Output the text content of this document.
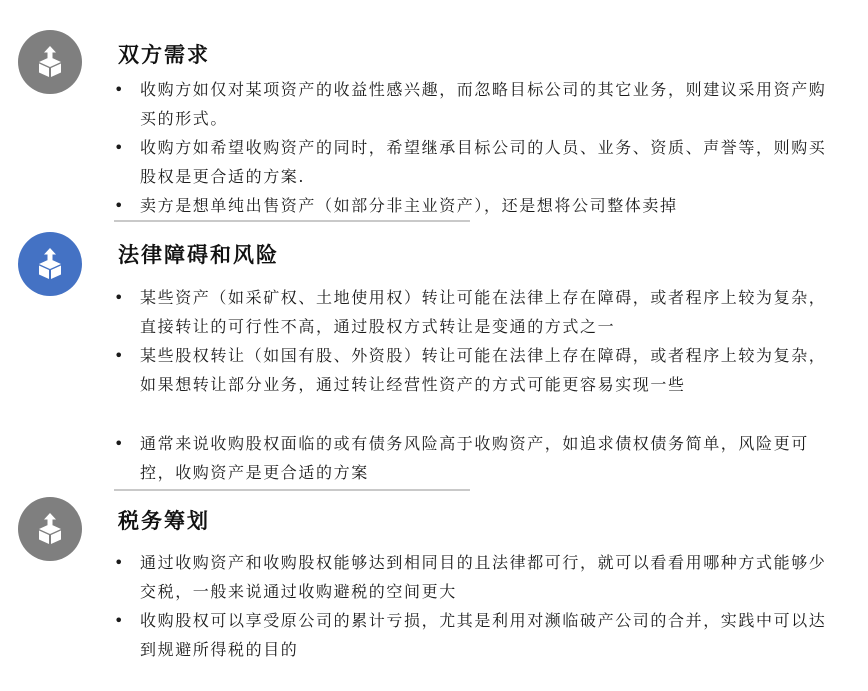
双方需求
• 收购方如仅对某项资产的收益性感兴趣，而忽略目标公司的其它业务，则建议采用资产购买的形式。
• 收购方如希望收购资产的同时，希望继承目标公司的人员、业务、资质、声誉等，则购买股权是更合适的方案.
• 卖方是想单纯出售资产（如部分非主业资产），还是想将公司整体卖掉
法律障碍和风险
• 某些资产（如采矿权、土地使用权）转让可能在法律上存在障碍，或者程序上较为复杂，直接转让的可行性不高，通过股权方式转让是变通的方式之一
• 某些股权转让（如国有股、外资股）转让可能在法律上存在障碍，或者程序上较为复杂，如果想转让部分业务，通过转让经营性资产的方式可能更容易实现一些
• 通常来说收购股权面临的或有债务风险高于收购资产，如追求债权债务简单，风险更可控，收购资产是更合适的方案
税务筹划
• 通过收购资产和收购股权能够达到相同目的且法律都可行，就可以看看用哪种方式能够少交税，一般来说通过收购避税的空间更大
• 收购股权可以享受原公司的累计亏损，尤其是利用对濒临破产公司的合并，实践中可以达到规避所得税的目的
